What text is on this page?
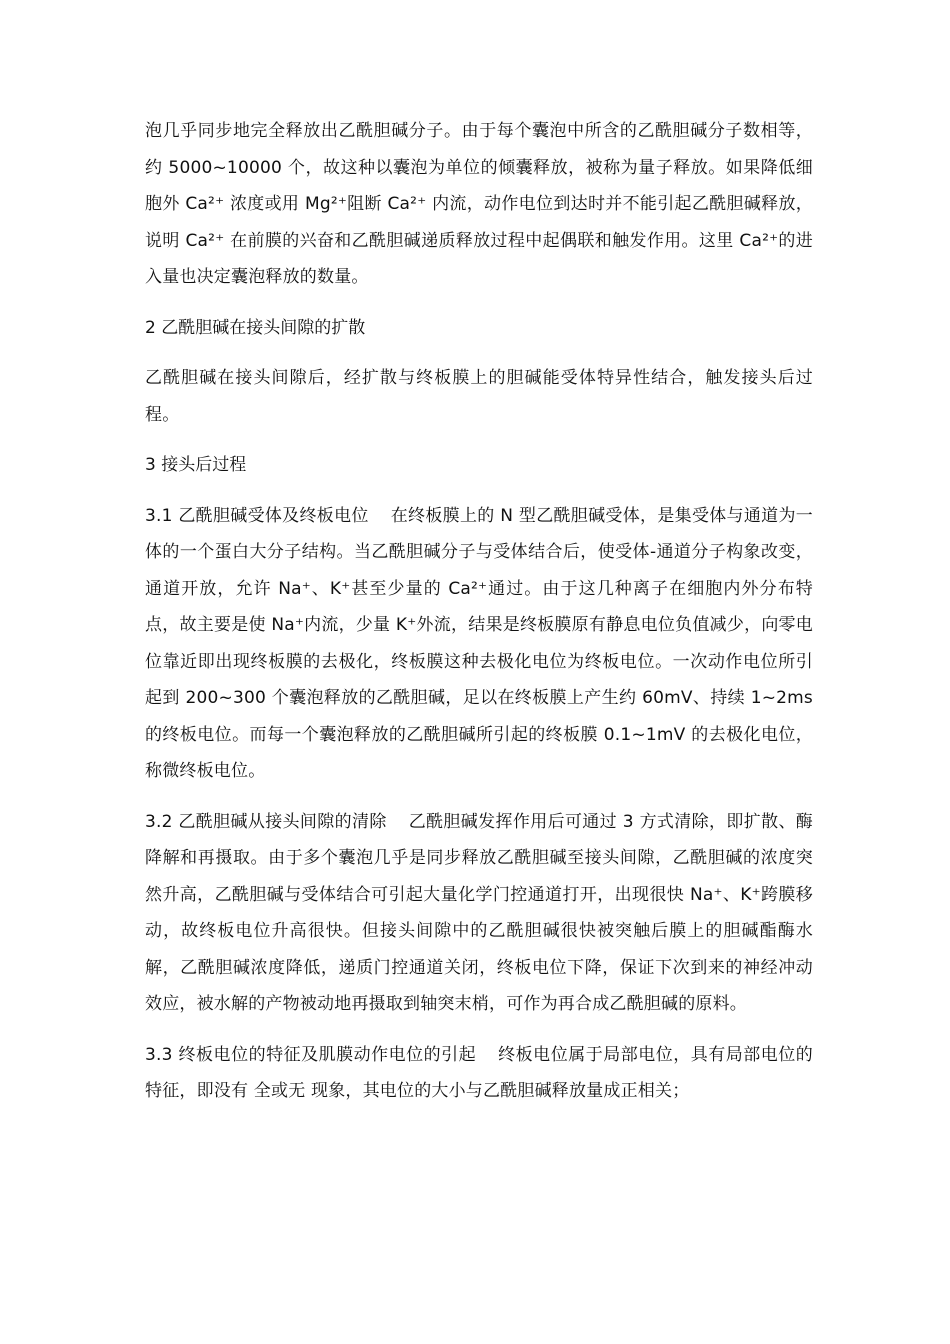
泡几乎同步地完全释放出乙酰胆碱分子。由于每个囊泡中所含的乙酰胆碱分子数相等，约 5000~10000 个，故这种以囊泡为单位的倾囊释放，被称为量子释放。如果降低细胞外 Ca²⁺ 浓度或用 Mg²⁺阻断 Ca²⁺ 内流，动作电位到达时并不能引起乙酰胆碱释放，说明 Ca²⁺ 在前膜的兴奋和乙酰胆碱递质释放过程中起偶联和触发作用。这里 Ca²⁺的进入量也决定囊泡释放的数量。

2 乙酰胆碱在接头间隙的扩散

乙酰胆碱在接头间隙后，经扩散与终板膜上的胆碱能受体特异性结合，触发接头后过程。

3 接头后过程

3.1 乙酰胆碱受体及终板电位 在终板膜上的 N 型乙酰胆碱受体，是集受体与通道为一体的一个蛋白大分子结构。当乙酰胆碱分子与受体结合后，使受体-通道分子构象改变，通道开放，允许 Na⁺、K⁺甚至少量的 Ca²⁺通过。由于这几种离子在细胞内外分布特点，故主要是使 Na⁺内流，少量 K⁺外流，结果是终板膜原有静息电位负值减少，向零电位靠近即出现终板膜的去极化，终板膜这种去极化电位为终板电位。一次动作电位所引起到 200~300 个囊泡释放的乙酰胆碱，足以在终板膜上产生约 60mV、持续 1~2ms 的终板电位。而每一个囊泡释放的乙酰胆碱所引起的终板膜 0.1~1mV 的去极化电位，称微终板电位。

3.2 乙酰胆碱从接头间隙的清除 乙酰胆碱发挥作用后可通过 3 方式清除，即扩散、酶降解和再摄取。由于多个囊泡几乎是同步释放乙酰胆碱至接头间隙，乙酰胆碱的浓度突然升高，乙酰胆碱与受体结合可引起大量化学门控通道打开，出现很快 Na⁺、K⁺跨膜移动，故终板电位升高很快。但接头间隙中的乙酰胆碱很快被突触后膜上的胆碱酯酶水解，乙酰胆碱浓度降低，递质门控通道关闭，终板电位下降，保证下次到来的神经冲动效应，被水解的产物被动地再摄取到轴突末梢，可作为再合成乙酰胆碱的原料。

3.3 终板电位的特征及肌膜动作电位的引起 终板电位属于局部电位，具有局部电位的特征，即没有 全或无 现象，其电位的大小与乙酰胆碱释放量成正相关；
